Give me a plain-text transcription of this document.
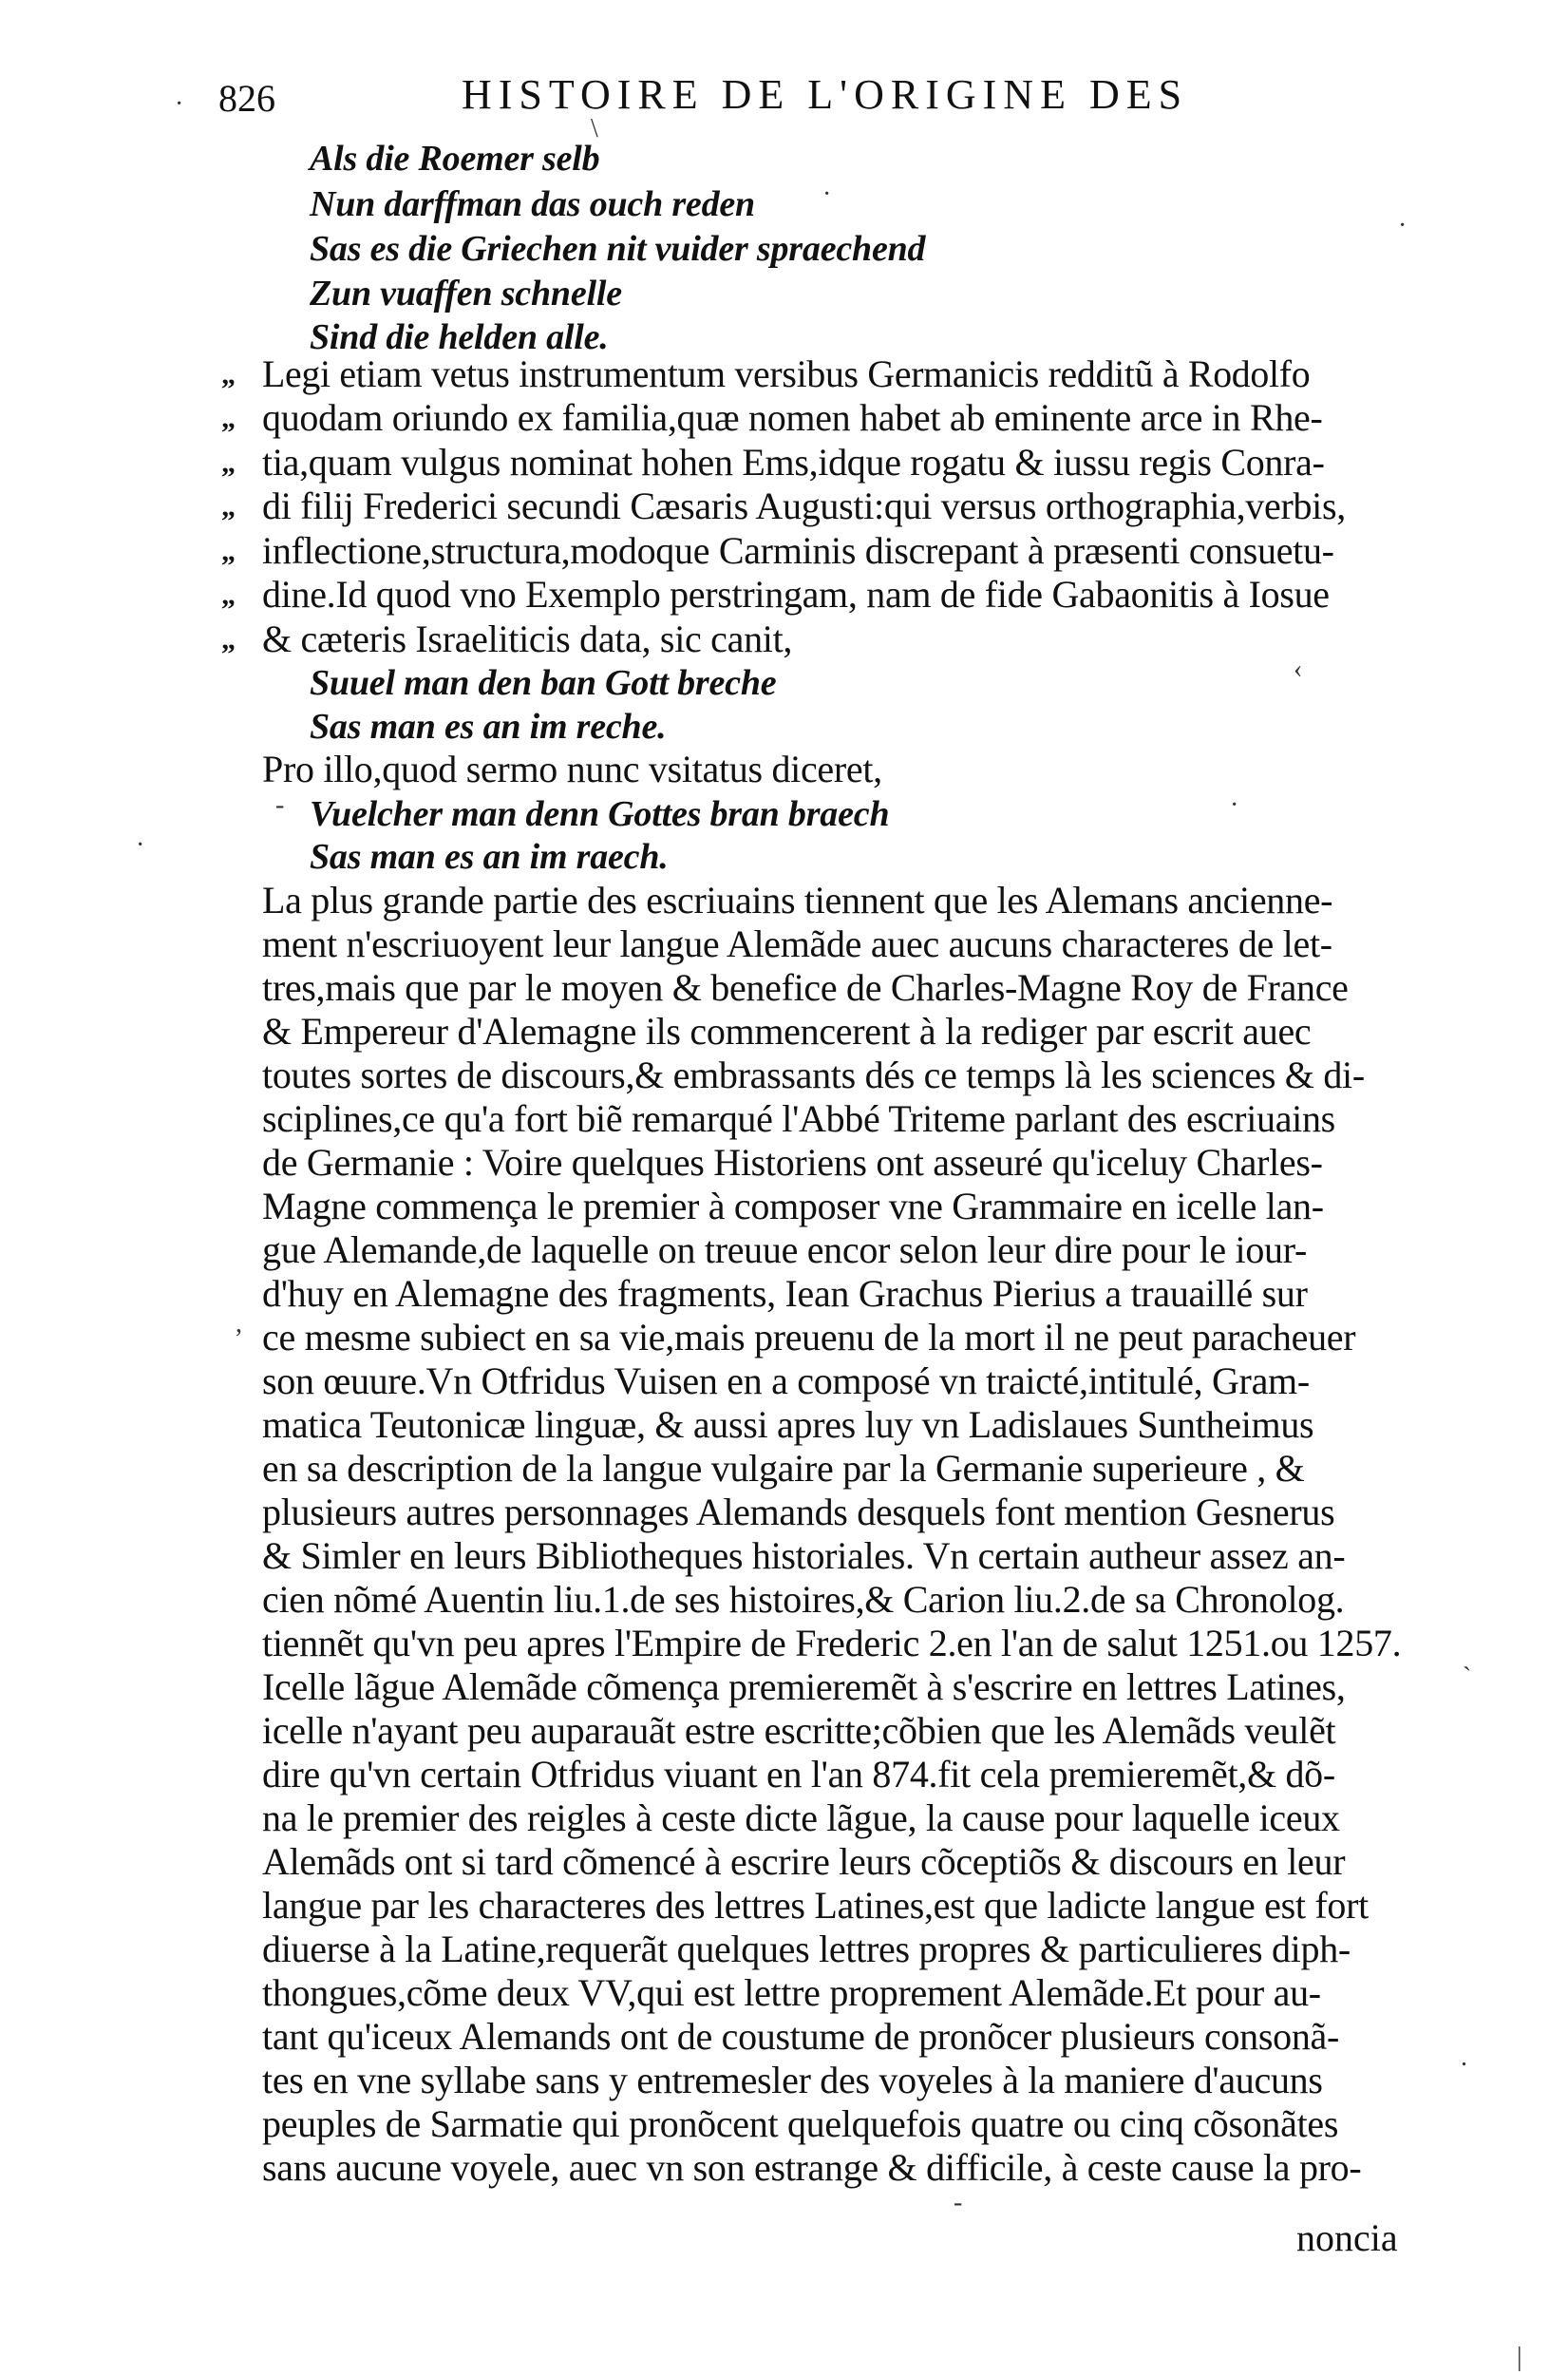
826	HISTOIRE DE L'ORIGINE DES
Als die Roemer selb
Nun darffman das ouch reden
Sas es die Griechen nit vuider spraechend
Zun vuaffen schnelle
Sind die helden alle.
„ Legi etiam vetus instrumentum versibus Germanicis redditũ à Rodolfo
„ quodam oriundo ex familia,quæ nomen habet ab eminente arce in Rhe-
„ tia,quam vulgus nominat hohen Ems,idque rogatu & iussu regis Conra-
„ di filij Frederici secundi Cæsaris Augusti:qui versus orthographia,verbis,
„ inflectione,structura,modoque Carminis discrepant à præsenti consuetu-
„ dine.Id quod vno Exemplo perstringam, nam de fide Gabaonitis à Iosue
„ & cæteris Israeliticis data, sic canit,
Suuel man den ban Gott breche
Sas man es an im reche.
Pro illo,quod sermo nunc vsitatus diceret,
Vuelcher man denn Gottes bran braech
Sas man es an im raech.
La plus grande partie des escriuains tiennent que les Alemans ancienne-
ment n'escriuoyent leur langue Alemãde auec aucuns characteres de let-
tres,mais que par le moyen & benefice de Charles-Magne Roy de France
& Empereur d'Alemagne ils commencerent à la rediger par escrit auec
toutes sortes de discours,& embrassants dés ce temps là les sciences & di-
sciplines,ce qu'a fort biẽ remarqué l'Abbé Triteme parlant des escriuains
de Germanie : Voire quelques Historiens ont asseuré qu'iceluy Charles-
Magne commença le premier à composer vne Grammaire en icelle lan-
gue Alemande,de laquelle on treuue encor selon leur dire pour le iour-
d'huy en Alemagne des fragments, Iean Grachus Pierius a trauaillé sur
ce mesme subiect en sa vie,mais preuenu de la mort il ne peut paracheuer
son œuure.Vn Otfridus Vuisen en a composé vn traicté,intitulé, Gram-
matica Teutonicæ linguæ, & aussi apres luy vn Ladislaues Suntheimus
en sa description de la langue vulgaire par la Germanie superieure , &
plusieurs autres personnages Alemands desquels font mention Gesnerus
& Simler en leurs Bibliotheques historiales. Vn certain autheur assez an-
cien nõmé Auentin liu.1.de ses histoires,& Carion liu.2.de sa Chronolog.
tiennẽt qu'vn peu apres l'Empire de Frederic 2.en l'an de salut 1251.ou 1257.
Icelle lãgue Alemãde cõmença premieremẽt à s'escrire en lettres Latines,
icelle n'ayant peu auparauãt estre escritte;cõbien que les Alemãds veulẽt
dire qu'vn certain Otfridus viuant en l'an 874.fit cela premieremẽt,& dõ-
na le premier des reigles à ceste dicte lãgue, la cause pour laquelle iceux
Alemãds ont si tard cõmencé à escrire leurs cõceptiõs & discours en leur
langue par les characteres des lettres Latines,est que ladicte langue est fort
diuerse à la Latine,requerãt quelques lettres propres & particulieres diph-
thongues,cõme deux VV,qui est lettre proprement Alemãde.Et pour au-
tant qu'iceux Alemands ont de coustume de pronõcer plusieurs consonã-
tes en vne syllabe sans y entremesler des voyeles à la maniere d'aucuns
peuples de Sarmatie qui pronõcent quelquefois quatre ou cinq cõsonãtes
sans aucune voyele, auec vn son estrange & difficile, à ceste cause la pro-
noncia
·
\
·
·
‹
·
-
·
,
`
.
-
|
